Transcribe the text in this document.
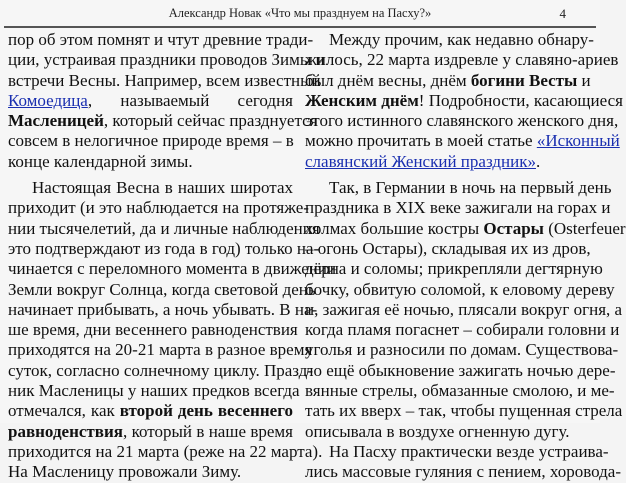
Александр Новак «Что мы празднуем на Пасху?»	4
пор об этом помнят и чтут древние тради-
ции, устраивая праздники проводов Зимы и
встречи Весны. Например, всем известный
Комоедица, называемый сегодня
Масленицей, который сейчас празднуется
совсем в нелогичное природе время – в
конце календарной зимы.
Настоящая Весна в наших широтах
приходит (и это наблюдается на протяже-
нии тысячелетий, да и личные наблюдения
это подтверждают из года в год) только на-
чинается с переломного момента в движении
Земли вокруг Солнца, когда световой день
начинает прибывать, а ночь убывать. В на-
ше время, дни весеннего равноденствия
приходятся на 20-21 марта в разное время
суток, согласно солнечному циклу. Празд-
ник Масленицы у наших предков всегда
отмечался, как второй день весеннего
равноденствия, который в наше время
приходится на 21 марта (реже на 22 марта).
На Масленицу провожали Зиму.
Между прочим, как недавно обнару-
жилось, 22 марта издревле у славяно-ариев
был днём весны, днём богини Весты и
Женским днём! Подробности, касающиеся
этого истинного славянского женского дня,
можно прочитать в моей статье «Исконный
славянский Женский праздник».
Так, в Германии в ночь на первый день
праздника в XIX веке зажигали на горах и
холмах большие костры Остары (Osterfeuer
– огонь Остары), складывая их из дров,
дёрна и соломы; прикрепляли дегтярную
бочку, обвитую соломой, к еловому дереву
и, зажигая её ночью, плясали вокруг огня, а
когда пламя погаснет – собирали головни и
уголья и разносили по домам. Существова-
ло ещё обыкновение зажигать ночью дере-
вянные стрелы, обмазанные смолою, и ме-
тать их вверх – так, чтобы пущенная стрела
описывала в воздухе огненную дугу.
На Пасху практически везде устраива-
лись массовые гуляния с пением, хоровода-
